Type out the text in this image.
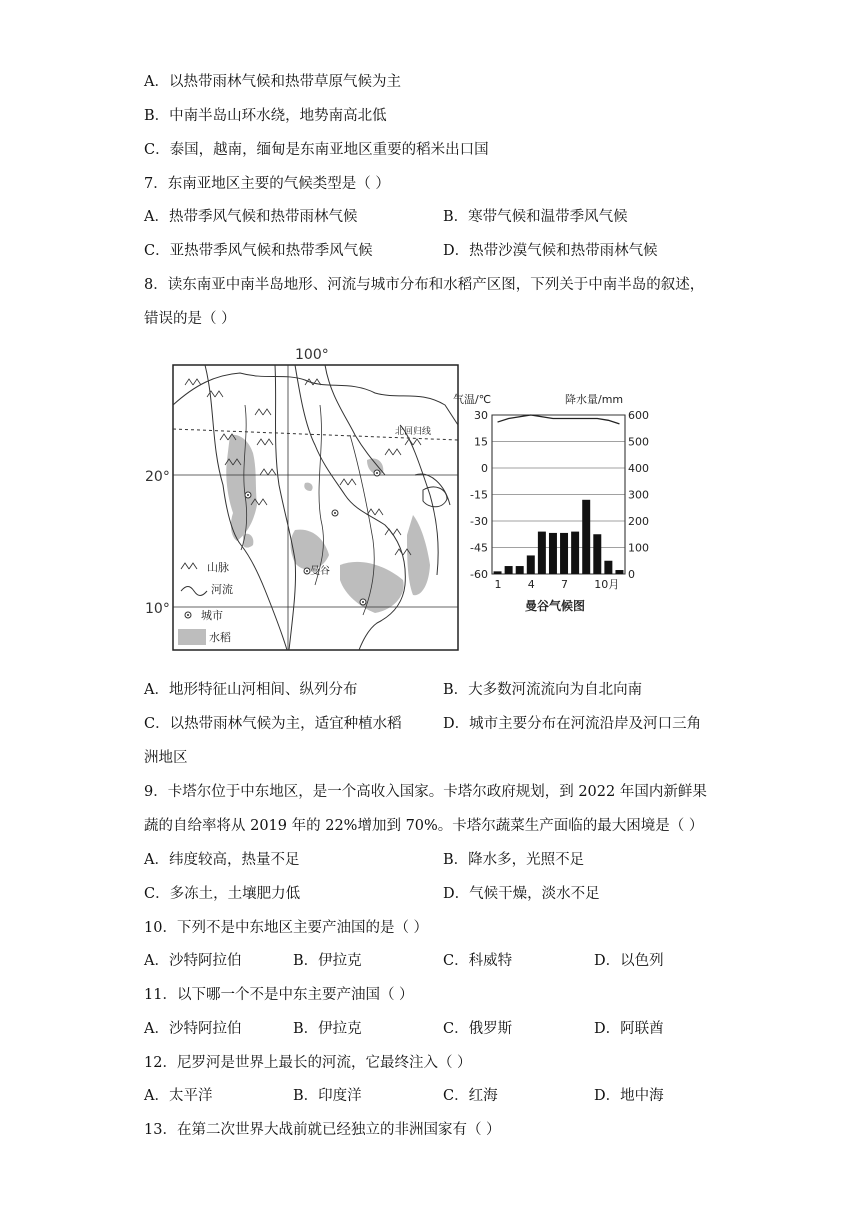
A．以热带雨林气候和热带草原气候为主
B．中南半岛山环水绕，地势南高北低
C．泰国，越南，缅甸是东南亚地区重要的稻米出口国
7．东南亚地区主要的气候类型是（ ）
A．热带季风气候和热带雨林气候	B．寒带气候和温带季风气候
C．亚热带季风气候和热带季风气候	D．热带沙漠气候和热带雨林气候
8．读东南亚中南半岛地形、河流与城市分布和水稻产区图，下列关于中南半岛的叙述，
错误的是（ ）
曼谷
北回归线
100°
20°
10°
山脉
河流
城市
水稻
气温/℃	降水量/mm
曼谷气候图
30	600
15	500
0	400
-15	300
-30	200
-45	100
-60	0
1 4 7 10月
A．地形特征山河相间、纵列分布	B．大多数河流流向为自北向南
C．以热带雨林气候为主，适宜种植水稻	D．城市主要分布在河流沿岸及河口三角
洲地区
9．卡塔尔位于中东地区，是一个高收入国家。卡塔尔政府规划，到 2022 年国内新鲜果
蔬的自给率将从 2019 年的 22%增加到 70%。卡塔尔蔬菜生产面临的最大困境是（ ）
A．纬度较高，热量不足	B．降水多，光照不足
C．多冻土，土壤肥力低	D．气候干燥，淡水不足
10．下列不是中东地区主要产油国的是（ ）
A．沙特阿拉伯	B．伊拉克	C．科威特	D．以色列
11．以下哪一个不是中东主要产油国（ ）
A．沙特阿拉伯	B．伊拉克	C．俄罗斯	D．阿联酋
12．尼罗河是世界上最长的河流，它最终注入（ ）
A．太平洋	B．印度洋	C．红海	D．地中海
13．在第二次世界大战前就已经独立的非洲国家有（ ）
